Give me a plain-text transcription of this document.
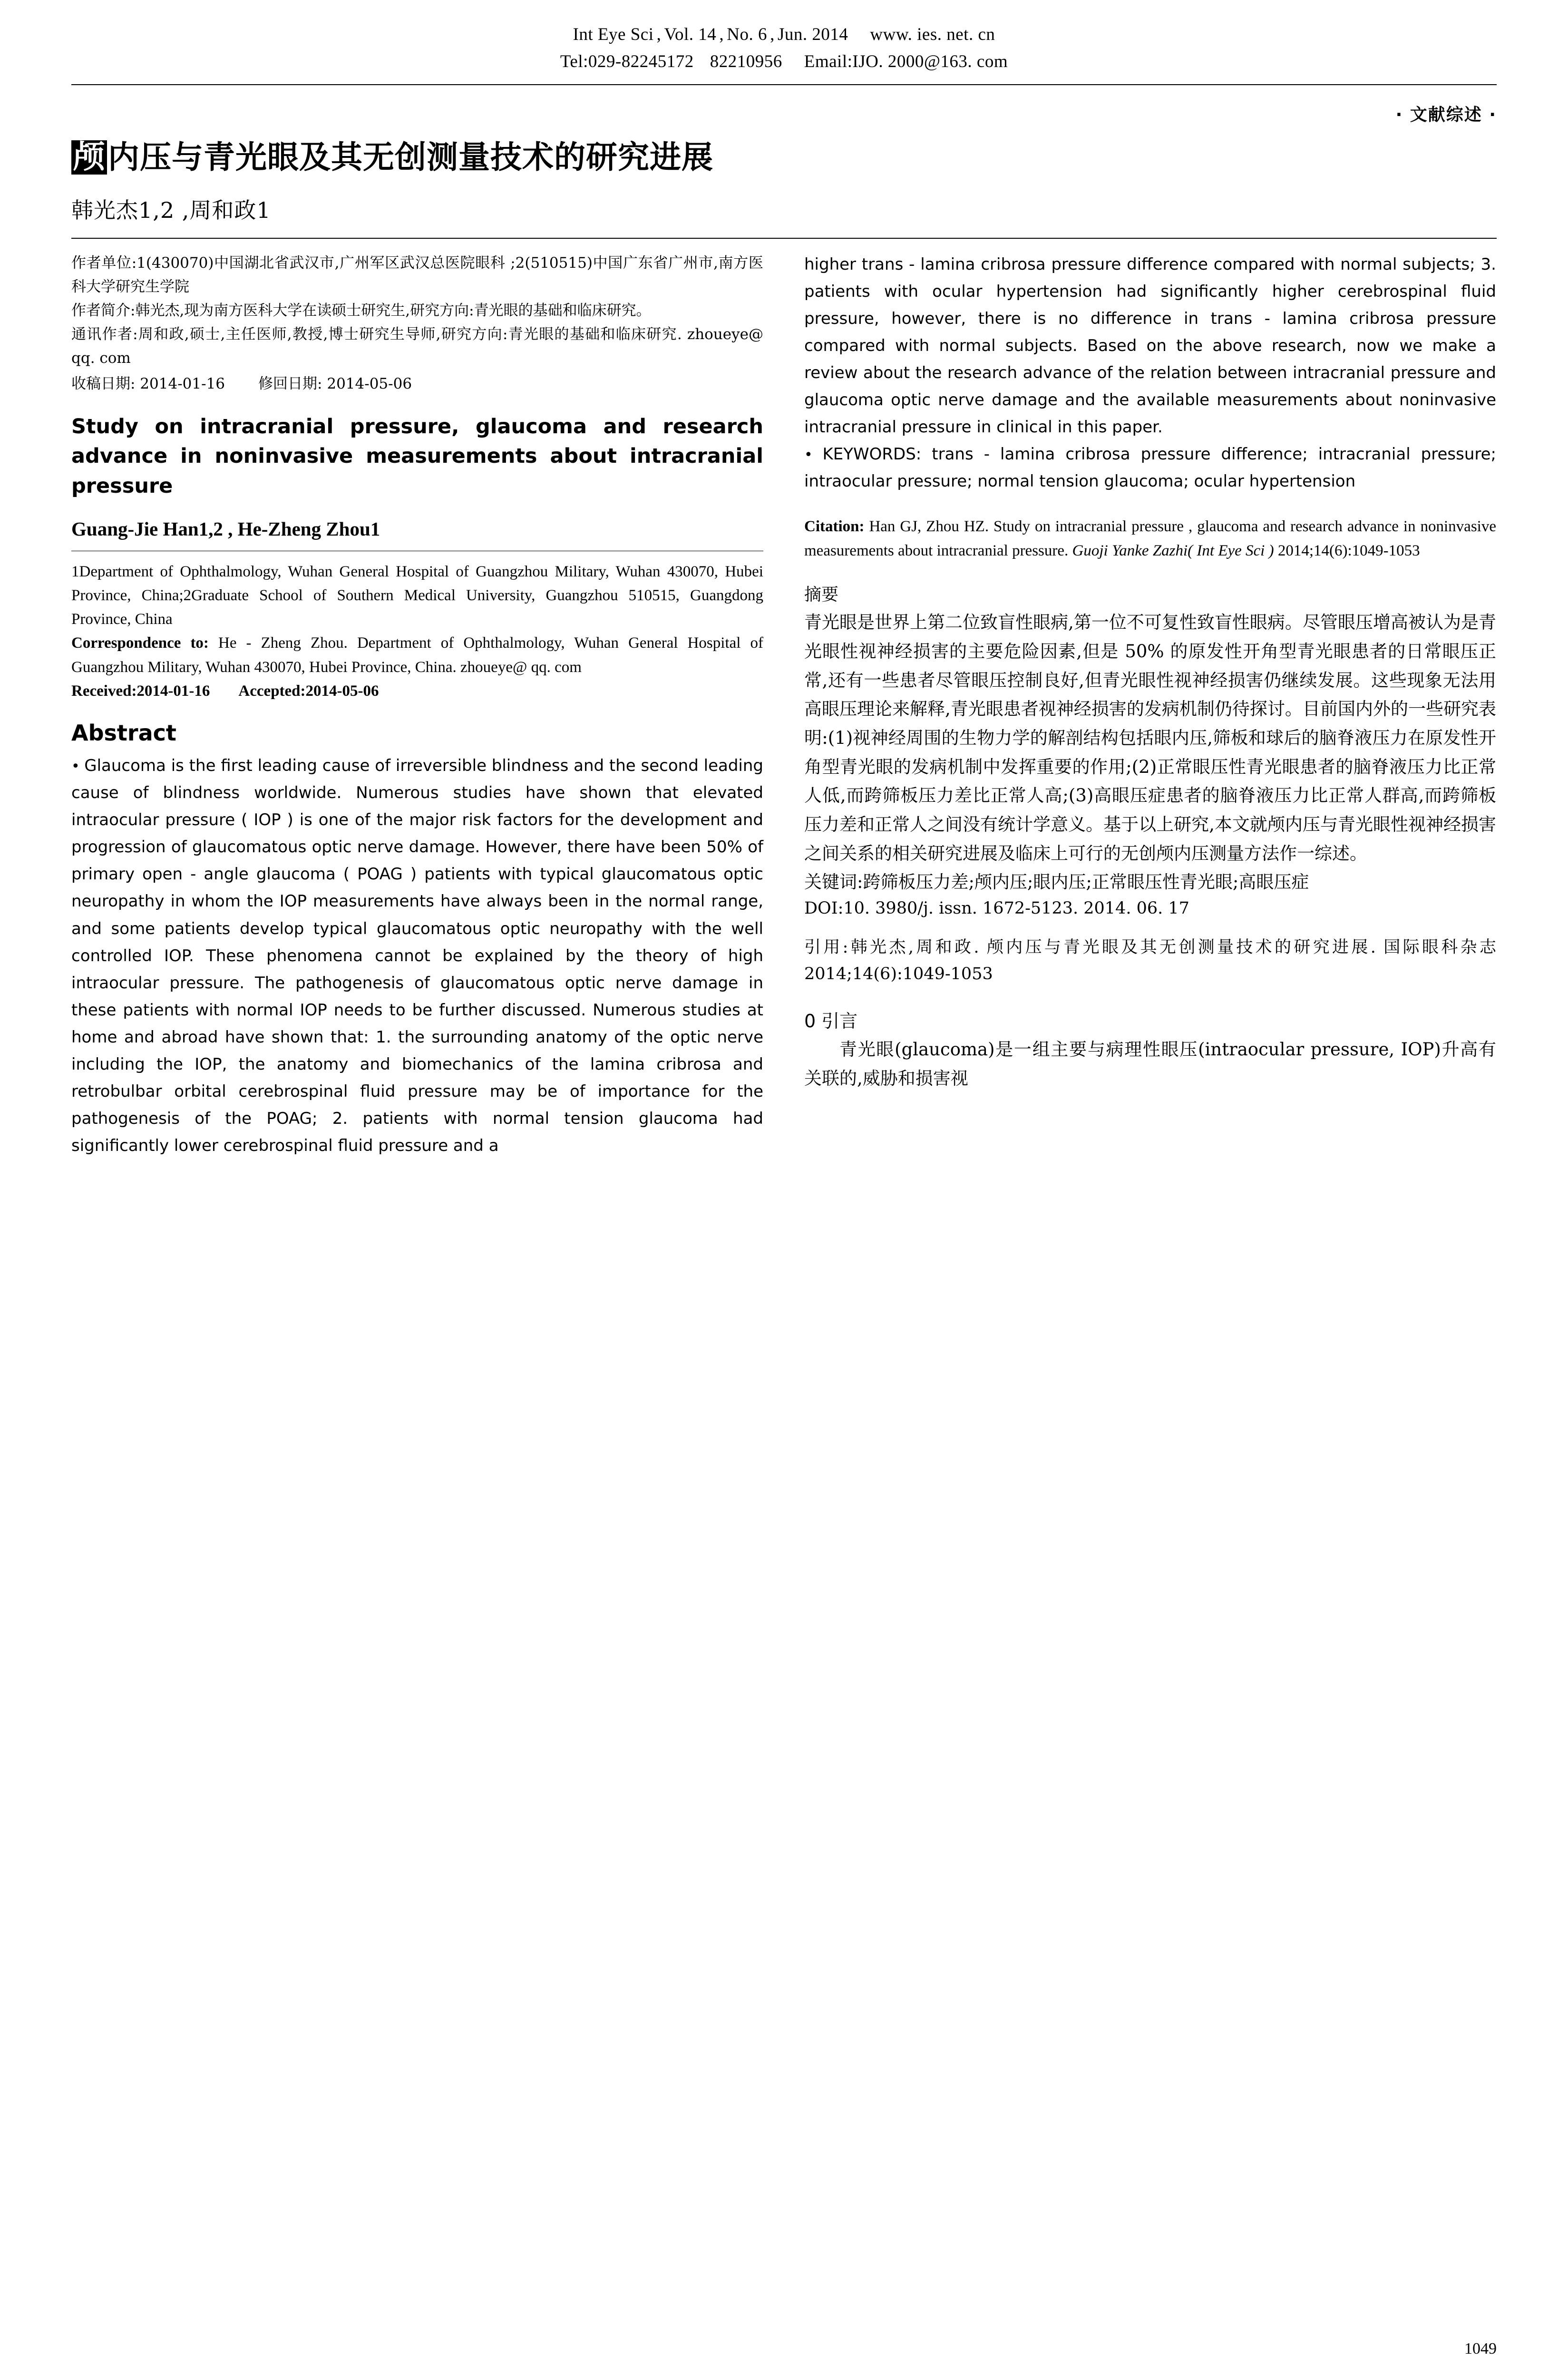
Int Eye Sci , Vol. 14 , No. 6 , Jun. 2014 www. ies. net. cn
Tel:029-82245172 82210956 Email:IJO. 2000@163. com
· 文献综述 ·
颅 内压与青光眼及其无创测量技术的研究进展
韩光杰1,2 ,周和政1

作者单位:1(430070)中国湖北省武汉市,广州军区武汉总医院眼科 ;2(510515)中国广东省广州市,南方医科大学研究生学院

作者简介:韩光杰,现为南方医科大学在读硕士研究生,研究方向:青光眼的基础和临床研究。

通讯作者:周和政,硕士,主任医师,教授,博士研究生导师,研究方向:青光眼的基础和临床研究. zhoueye@ qq. com

收稿日期: 2014-01-16 修回日期: 2014-05-06
Study on intracranial pressure, glaucoma and research advance in noninvasive measurements about intracranial pressure
Guang-Jie Han1,2 , He-Zheng Zhou1

1Department of Ophthalmology, Wuhan General Hospital of Guangzhou Military, Wuhan 430070, Hubei Province, China;2Graduate School of Southern Medical University, Guangzhou 510515, Guangdong Province, China

Correspondence to: He - Zheng Zhou. Department of Ophthalmology, Wuhan General Hospital of Guangzhou Military, Wuhan 430070, Hubei Province, China. zhoueye@ qq. com

Received:2014-01-16 Accepted:2014-05-06

Abstract

• Glaucoma is the first leading cause of irreversible blindness and the second leading cause of blindness worldwide. Numerous studies have shown that elevated intraocular pressure ( IOP ) is one of the major risk factors for the development and progression of glaucomatous optic nerve damage. However, there have been 50% of primary open - angle glaucoma ( POAG ) patients with typical glaucomatous optic neuropathy in whom the IOP measurements have always been in the normal range, and some patients develop typical glaucomatous optic neuropathy with the well controlled IOP. These phenomena cannot be explained by the theory of high intraocular pressure. The pathogenesis of glaucomatous optic nerve damage in these patients with normal IOP needs to be further discussed. Numerous studies at home and abroad have shown that: 1. the surrounding anatomy of the optic nerve including the IOP, the anatomy and biomechanics of the lamina cribrosa and retrobulbar orbital cerebrospinal fluid pressure may be of importance for the pathogenesis of the POAG; 2. patients with normal tension glaucoma had significantly lower cerebrospinal fluid pressure and a

higher trans - lamina cribrosa pressure difference compared with normal subjects; 3. patients with ocular hypertension had significantly higher cerebrospinal fluid pressure, however, there is no difference in trans - lamina cribrosa pressure compared with normal subjects. Based on the above research, now we make a review about the research advance of the relation between intracranial pressure and glaucoma optic nerve damage and the available measurements about noninvasive intracranial pressure in clinical in this paper.

• KEYWORDS: trans - lamina cribrosa pressure difference; intracranial pressure; intraocular pressure; normal tension glaucoma; ocular hypertension

Citation: Han GJ, Zhou HZ. Study on intracranial pressure , glaucoma and research advance in noninvasive measurements about intracranial pressure. Guoji Yanke Zazhi( Int Eye Sci ) 2014;14(6):1049-1053
摘要

青光眼是世界上第二位致盲性眼病,第一位不可复性致盲性眼病。尽管眼压增高被认为是青光眼性视神经损害的主要危险因素,但是 50% 的原发性开角型青光眼患者的日常眼压正常,还有一些患者尽管眼压控制良好,但青光眼性视神经损害仍继续发展。这些现象无法用高眼压理论来解释,青光眼患者视神经损害的发病机制仍待探讨。目前国内外的一些研究表明:(1)视神经周围的生物力学的解剖结构包括眼内压,筛板和球后的脑脊液压力在原发性开角型青光眼的发病机制中发挥重要的作用;(2)正常眼压性青光眼患者的脑脊液压力比正常人低,而跨筛板压力差比正常人高;(3)高眼压症患者的脑脊液压力比正常人群高,而跨筛板压力差和正常人之间没有统计学意义。基于以上研究,本文就颅内压与青光眼性视神经损害之间关系的相关研究进展及临床上可行的无创颅内压测量方法作一综述。

关键词:跨筛板压力差;颅内压;眼内压;正常眼压性青光眼;高眼压症

DOI:10. 3980/j. issn. 1672-5123. 2014. 06. 17
引用:韩光杰,周和政. 颅内压与青光眼及其无创测量技术的研究进展. 国际眼科杂志 2014;14(6):1049-1053
0 引言

青光眼(glaucoma)是一组主要与病理性眼压(intraocular pressure, IOP)升高有关联的,威胁和损害视

1049
